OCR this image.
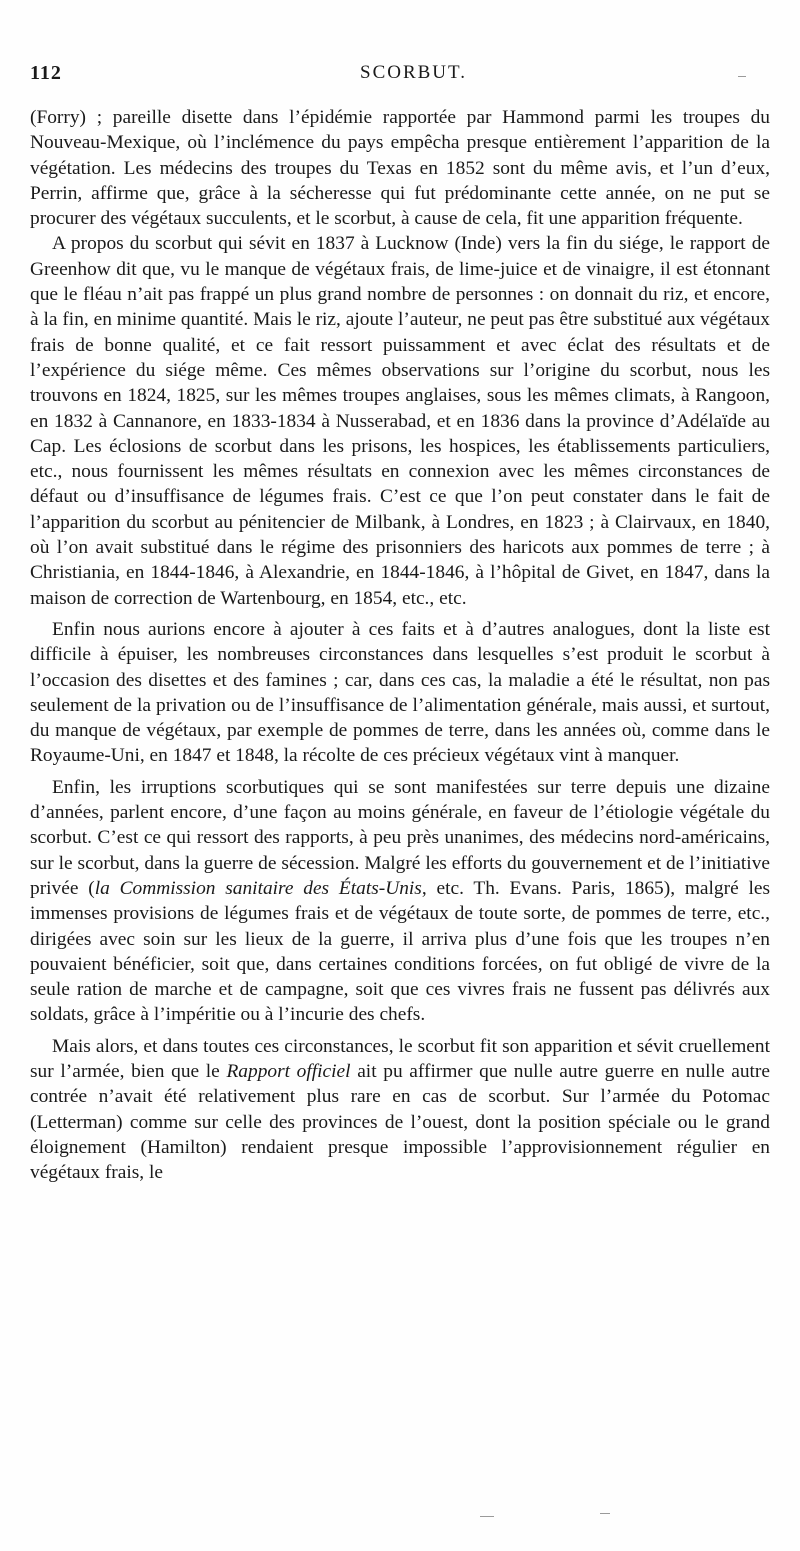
112	SCORBUT.

(Forry) ; pareille disette dans l’épidémie rapportée par Hammond parmi les troupes du Nouveau-Mexique, où l’inclémence du pays empêcha presque entièrement l’apparition de la végétation. Les médecins des troupes du Texas en 1852 sont du même avis, et l’un d’eux, Perrin, affirme que, grâce à la sécheresse qui fut prédominante cette année, on ne put se procurer des végétaux succulents, et le scorbut, à cause de cela, fit une apparition fréquente.

A propos du scorbut qui sévit en 1837 à Lucknow (Inde) vers la fin du siége, le rapport de Greenhow dit que, vu le manque de végétaux frais, de lime-juice et de vinaigre, il est étonnant que le fléau n’ait pas frappé un plus grand nombre de personnes : on donnait du riz, et encore, à la fin, en minime quantité. Mais le riz, ajoute l’auteur, ne peut pas être substitué aux végétaux frais de bonne qualité, et ce fait ressort puissamment et avec éclat des résultats et de l’expérience du siége même. Ces mêmes observations sur l’origine du scorbut, nous les trouvons en 1824, 1825, sur les mêmes troupes anglaises, sous les mêmes climats, à Rangoon, en 1832 à Cannanore, en 1833-1834 à Nusserabad, et en 1836 dans la province d’Adélaïde au Cap. Les éclosions de scorbut dans les prisons, les hospices, les établissements particuliers, etc., nous fournissent les mêmes résultats en connexion avec les mêmes circonstances de défaut ou d’insuffisance de légumes frais. C’est ce que l’on peut constater dans le fait de l’apparition du scorbut au pénitencier de Milbank, à Londres, en 1823 ; à Clairvaux, en 1840, où l’on avait substitué dans le régime des prisonniers des haricots aux pommes de terre ; à Christiania, en 1844-1846, à Alexandrie, en 1844-1846, à l’hôpital de Givet, en 1847, dans la maison de correction de Wartenbourg, en 1854, etc., etc.

Enfin nous aurions encore à ajouter à ces faits et à d’autres analogues, dont la liste est difficile à épuiser, les nombreuses circonstances dans lesquelles s’est produit le scorbut à l’occasion des disettes et des famines ; car, dans ces cas, la maladie a été le résultat, non pas seulement de la privation ou de l’insuffisance de l’alimentation générale, mais aussi, et surtout, du manque de végétaux, par exemple de pommes de terre, dans les années où, comme dans le Royaume-Uni, en 1847 et 1848, la récolte de ces précieux végétaux vint à manquer.

Enfin, les irruptions scorbutiques qui se sont manifestées sur terre depuis une dizaine d’années, parlent encore, d’une façon au moins générale, en faveur de l’étiologie végétale du scorbut. C’est ce qui ressort des rapports, à peu près unanimes, des médecins nord-américains, sur le scorbut, dans la guerre de sécession. Malgré les efforts du gouvernement et de l’initiative privée (la Commission sanitaire des États-Unis, etc. Th. Evans. Paris, 1865), malgré les immenses provisions de légumes frais et de végétaux de toute sorte, de pommes de terre, etc., dirigées avec soin sur les lieux de la guerre, il arriva plus d’une fois que les troupes n’en pouvaient bénéficier, soit que, dans certaines conditions forcées, on fut obligé de vivre de la seule ration de marche et de campagne, soit que ces vivres frais ne fussent pas délivrés aux soldats, grâce à l’impéritie ou à l’incurie des chefs.

Mais alors, et dans toutes ces circonstances, le scorbut fit son apparition et sévit cruellement sur l’armée, bien que le Rapport officiel ait pu affirmer que nulle autre guerre en nulle autre contrée n’avait été relativement plus rare en cas de scorbut. Sur l’armée du Potomac (Letterman) comme sur celle des provinces de l’ouest, dont la position spéciale ou le grand éloignement (Hamilton) rendaient presque impossible l’approvisionnement régulier en végétaux frais, le
